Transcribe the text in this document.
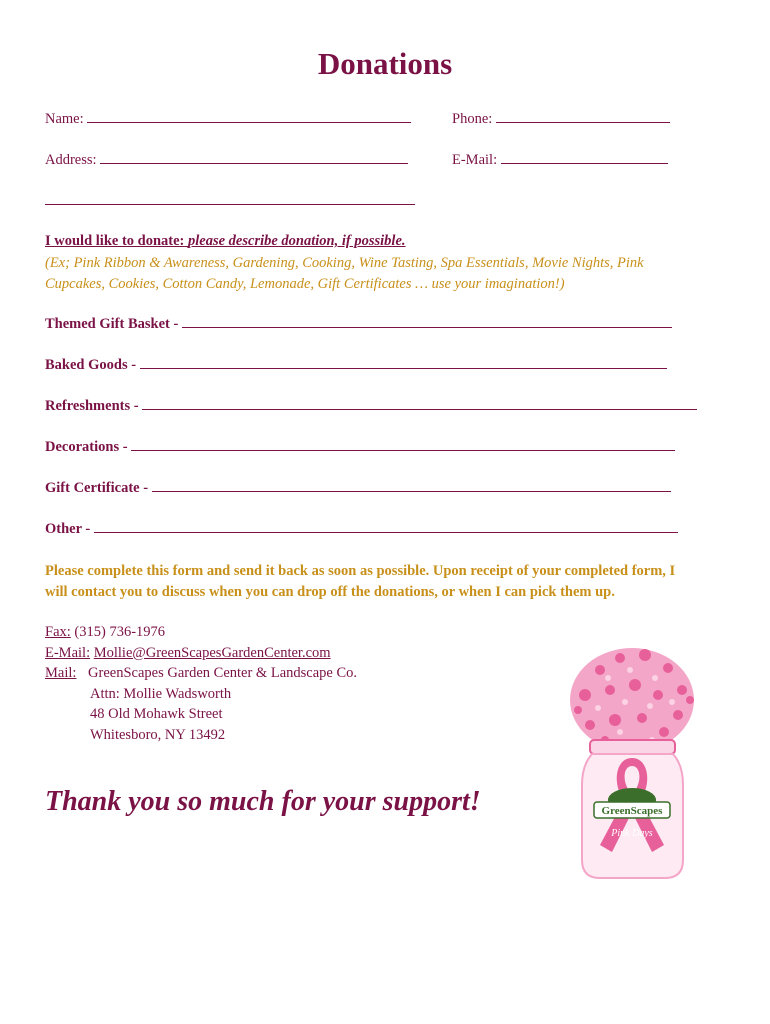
Donations
Name:	Phone:
Address:	E-Mail:
I would like to donate: please describe donation, if possible.
(Ex; Pink Ribbon & Awareness, Gardening, Cooking, Wine Tasting, Spa Essentials, Movie Nights, Pink
Cupcakes, Cookies, Cotton Candy, Lemonade, Gift Certificates … use your imagination!)
Themed Gift Basket -
Baked Goods -
Refreshments -
Decorations -
Gift Certificate -
Other -
Please complete this form and send it back as soon as possible. Upon receipt of your completed form, I
will contact you to discuss when you can drop off the donations, or when I can pick them up.
Fax: (315) 736-1976
E-Mail: Mollie@GreenScapesGardenCenter.com
Mail: GreenScapes Garden Center & Landscape Co.
Attn: Mollie Wadsworth
48 Old Mohawk Street
Whitesboro, NY 13492
Thank you so much for your support!	GreenScapes
Pink Days
